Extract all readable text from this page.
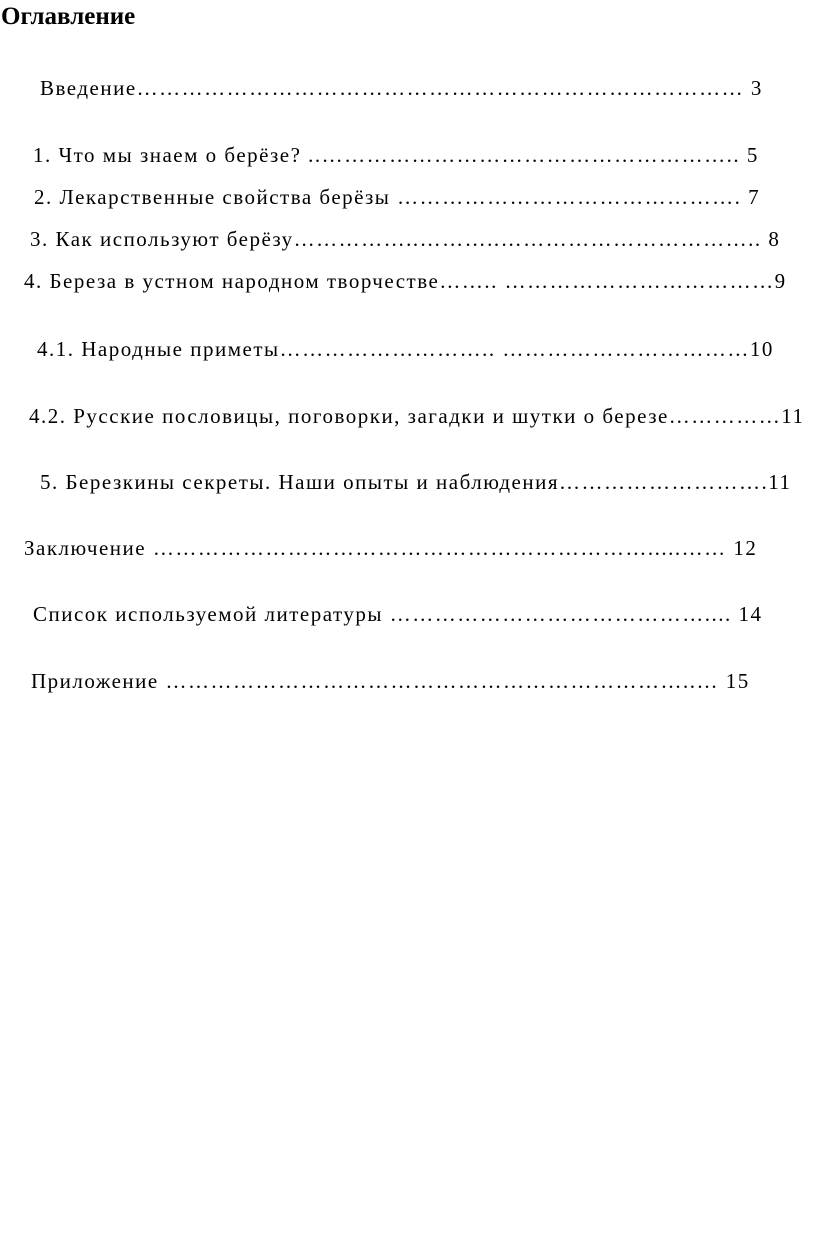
Оглавление

Введение……………………………………………………………………… 3

1. Что мы знаем о берёзе? ..……………………………………………….. 5

2. Лекарственные свойства берёзы ………………………………………. 7

3. Как используют берёзу……………..………..…………………………….. 8

4. Береза в устном народном творчестве…….. ………………………………9

4.1. Народные приметы……………………….. ……………………………10

4.2. Русские пословицы, поговорки, загадки и шутки о березе……………11

5. Березкины секреты. Наши опыты и наблюдения……………………….11

Заключение ………………………………………………………….....…… 12

Список используемой литературы …………………………………….... 14

Приложение ……………………………………………………………..… 15
